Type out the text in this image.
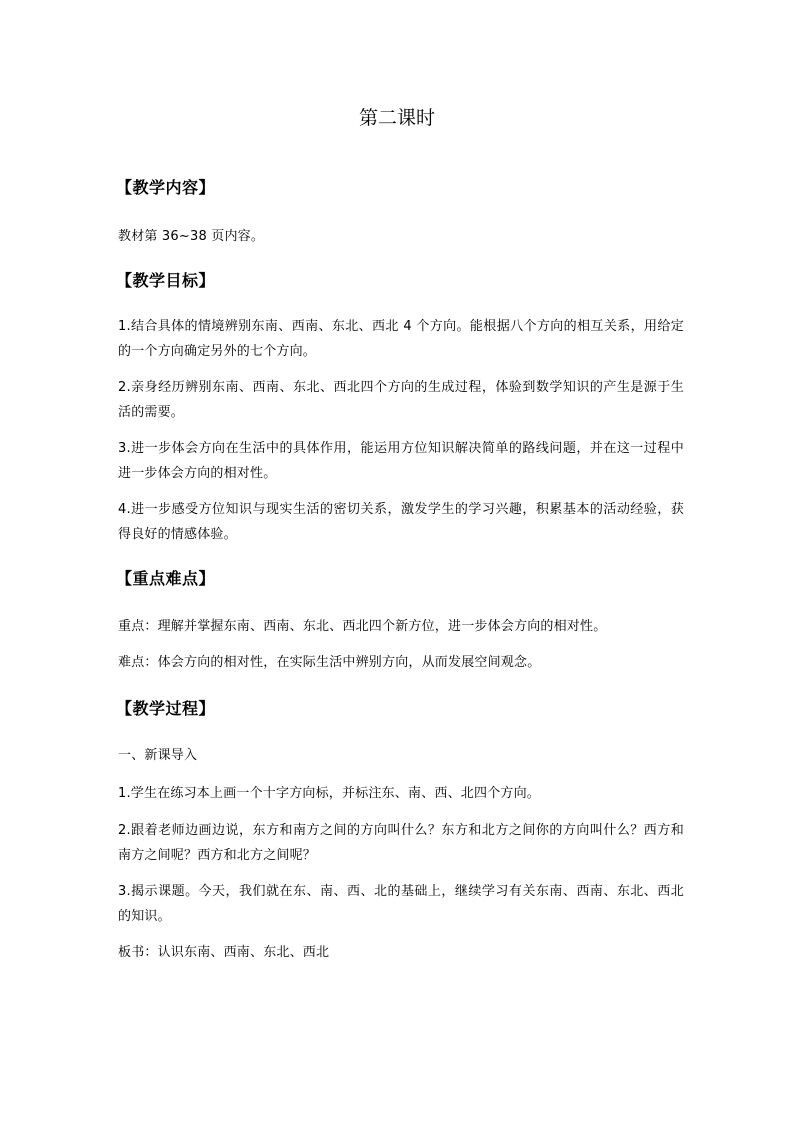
第二课时
【教学内容】
教材第 36~38 页内容。
【教学目标】
1.结合具体的情境辨别东南、西南、东北、西北 4 个方向。能根据八个方向的相互关系，用给定的一个方向确定另外的七个方向。
2.亲身经历辨别东南、西南、东北、西北四个方向的生成过程，体验到数学知识的产生是源于生活的需要。
3.进一步体会方向在生活中的具体作用，能运用方位知识解决简单的路线问题，并在这一过程中进一步体会方向的相对性。
4.进一步感受方位知识与现实生活的密切关系，激发学生的学习兴趣，积累基本的活动经验，获得良好的情感体验。
【重点难点】
重点：理解并掌握东南、西南、东北、西北四个新方位，进一步体会方向的相对性。
难点：体会方向的相对性，在实际生活中辨别方向，从而发展空间观念。
【教学过程】
一、新课导入
1.学生在练习本上画一个十字方向标，并标注东、南、西、北四个方向。
2.跟着老师边画边说，东方和南方之间的方向叫什么？东方和北方之间你的方向叫什么？西方和南方之间呢？西方和北方之间呢？
3.揭示课题。今天，我们就在东、南、西、北的基础上，继续学习有关东南、西南、东北、西北的知识。
板书：认识东南、西南、东北、西北
